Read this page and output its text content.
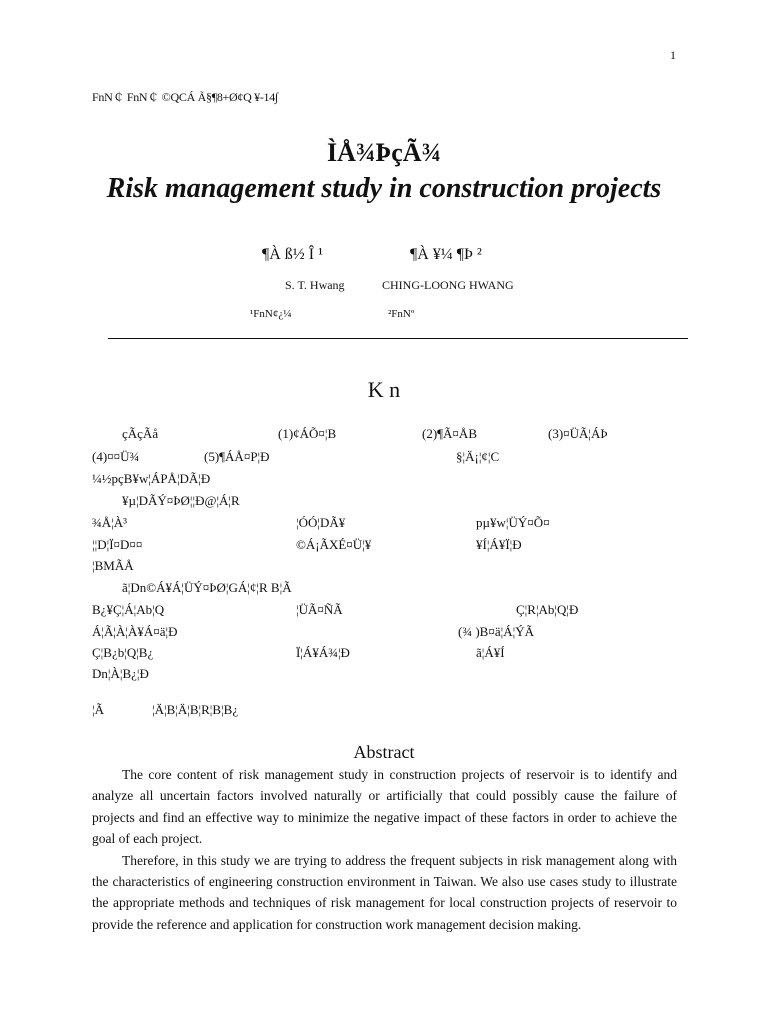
1
FnN￠ FnN￠ ©QCÁ Ã§¶8+Ø¢Q ¥-14∫
ÌÅ¾ÞçÃ¾
Risk management study in construction projects
¶À ß½ Î ¹	¶À ¥¼ ¶Þ ²
S. T. Hwang	CHING-LOONG HWANG
¹FnN¢¿¼	²FnNº
K n
çÃçÃå	(1)¢ÁÕ¤¦B	(2)¶Ã¤ÅB	(3)¤ÜÃ¦ÁÞ
(4)¤¤Ü¾	(5)¶ÁÅ¤P¦Ð	§¦Ä¡¦¢¦C
¼½pçB¥w¦ÁPÅ¦DÃ¦Ð
¥µ¦DÃÝ¤ÞØ¦¦Ð@¦Á¦R
¾Å¦À³	¦ÓÓ¦DÃ¥	pµ¥w¦ÜÝ¤Õ¤
¦¦D¦Ï¤D¤¤	©Á¡ÃXÉ¤Ü¦¥	¥Í¦Á¥Ï¦Ð
¦BMÃÅ
ã¦Dn©Á¥Á¦ÜÝ¤ÞØ¦GÁ¦¢¦R B¦Ã
B¿¥Ç¦Á¦Ab¦Q	¦ÜÃ¤ÑÃ	Ç¦R¦Ab¦Q¦Ð
Á¦Ã¦À¦À¥Á¤ä¦Ð	(¾ )B¤ä¦Á¦ÝÃ
Ç¦B¿b¦Q¦B¿	Ï¦Á¥Á¾¦Ð	ã¦Á¥Í
Dn¦À¦B¿¦Ð
¦Ã	¦Ä¦B¦Ä¦B¦R¦B¦B¿
Abstract

The core content of risk management study in construction projects of reservoir is to identify and analyze all uncertain factors involved naturally or artificially that could possibly cause the failure of projects and find an effective way to minimize the negative impact of these factors in order to achieve the goal of each project.

Therefore, in this study we are trying to address the frequent subjects in risk management along with the characteristics of engineering construction environment in Taiwan. We also use cases study to illustrate the appropriate methods and techniques of risk management for local construction projects of reservoir to provide the reference and application for construction work management decision making.
